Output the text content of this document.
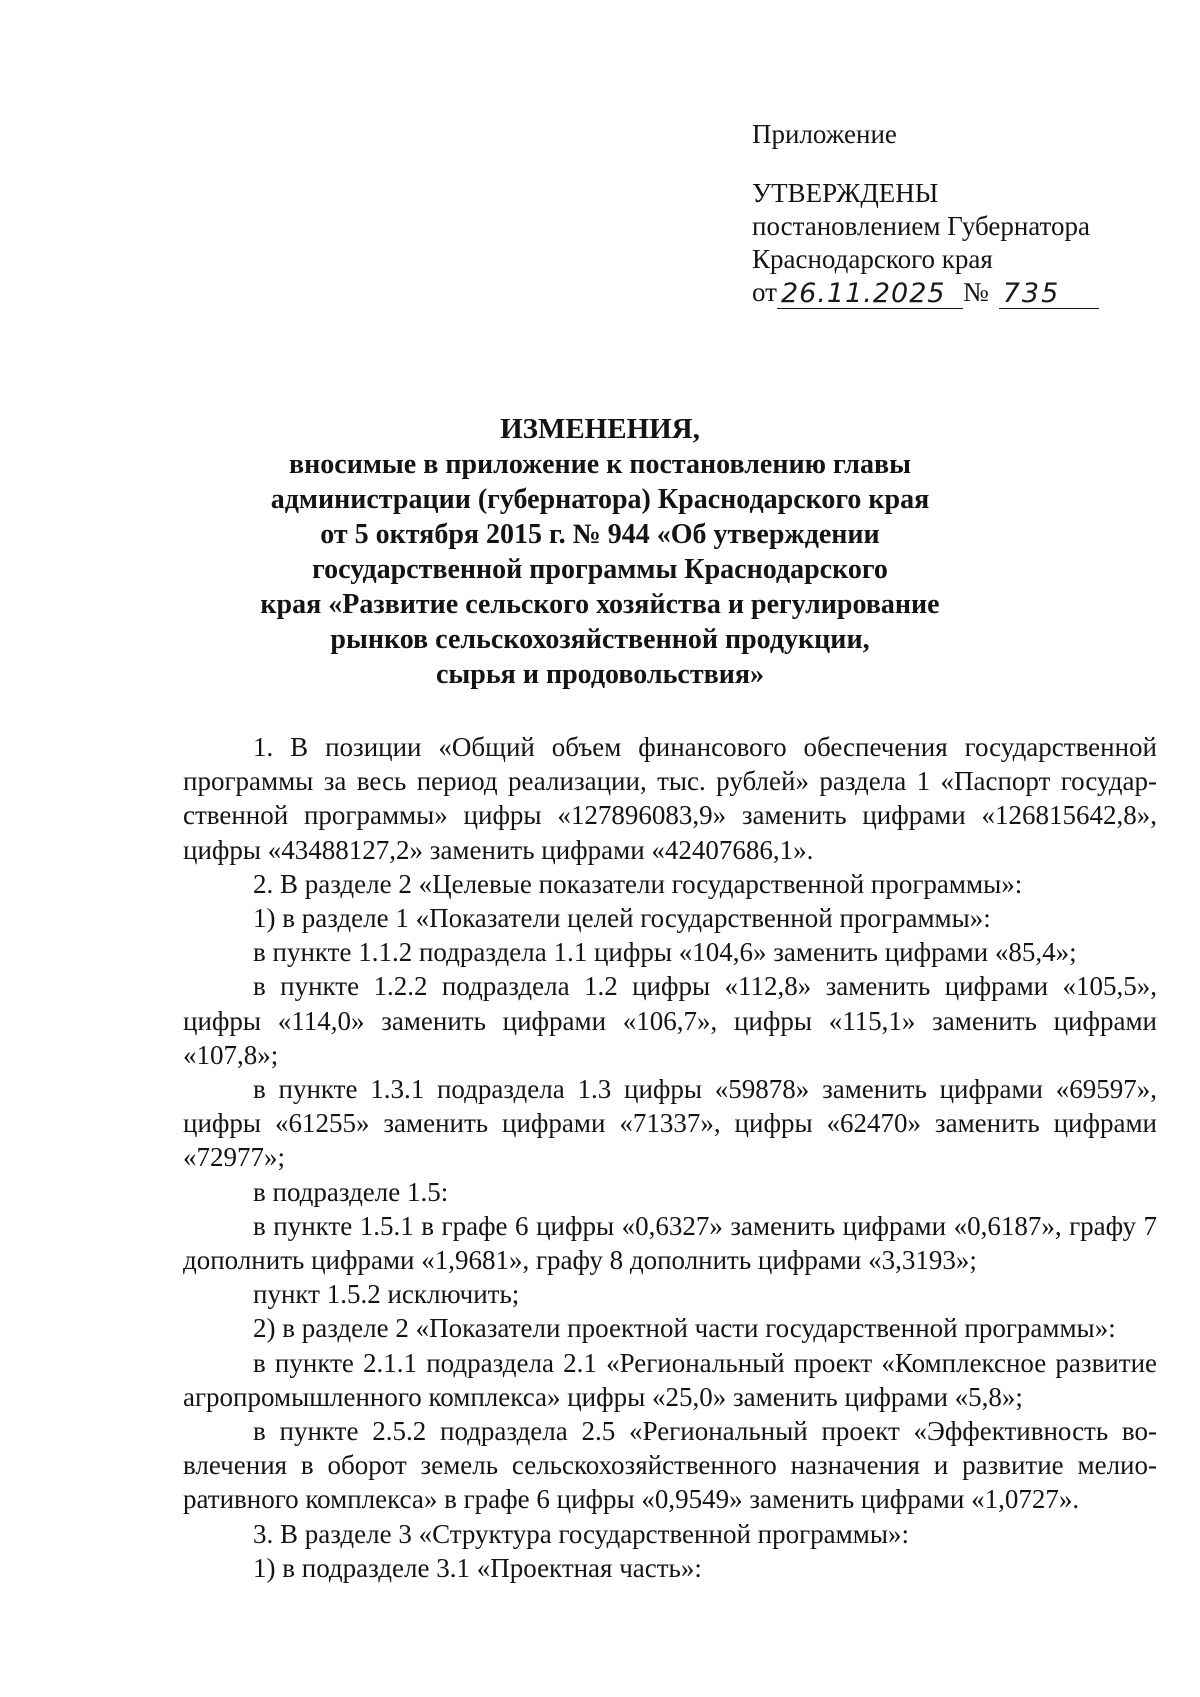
Приложение
УТВЕРЖДЕНЫ
постановлением Губернатора
Краснодарского края
от 26.11.2025 № 735
ИЗМЕНЕНИЯ,
вносимые в приложение к постановлению главы
администрации (губернатора) Краснодарского края
от 5 октября 2015 г. № 944 «Об утверждении
государственной программы Краснодарского
края «Развитие сельского хозяйства и регулирование
рынков сельскохозяйственной продукции,
сырья и продовольствия»

1. В позиции «Общий объем финансового обеспечения государственной программы за весь период реализации, тыс. рублей» раздела 1 «Паспорт государственной программы» цифры «127896083,9» заменить цифрами «126815642,8», цифры «43488127,2» заменить цифрами «42407686,1».

2. В разделе 2 «Целевые показатели государственной программы»:

1) в разделе 1 «Показатели целей государственной программы»:

в пункте 1.1.2 подраздела 1.1 цифры «104,6» заменить цифрами «85,4»;

в пункте 1.2.2 подраздела 1.2 цифры «112,8» заменить цифрами «105,5», цифры «114,0» заменить цифрами «106,7», цифры «115,1» заменить цифрами «107,8»;

в пункте 1.3.1 подраздела 1.3 цифры «59878» заменить цифрами «69597», цифры «61255» заменить цифрами «71337», цифры «62470» заменить цифрами «72977»;

в подразделе 1.5:

в пункте 1.5.1 в графе 6 цифры «0,6327» заменить цифрами «0,6187», графу 7 дополнить цифрами «1,9681», графу 8 дополнить цифрами «3,3193»;

пункт 1.5.2 исключить;

2) в разделе 2 «Показатели проектной части государственной программы»:

в пункте 2.1.1 подраздела 2.1 «Региональный проект «Комплексное развитие агропромышленного комплекса» цифры «25,0» заменить цифрами «5,8»;

в пункте 2.5.2 подраздела 2.5 «Региональный проект «Эффективность вовлечения в оборот земель сельскохозяйственного назначения и развитие мелиоративного комплекса» в графе 6 цифры «0,9549» заменить цифрами «1,0727».

3. В разделе 3 «Структура государственной программы»:

1) в подразделе 3.1 «Проектная часть»:
